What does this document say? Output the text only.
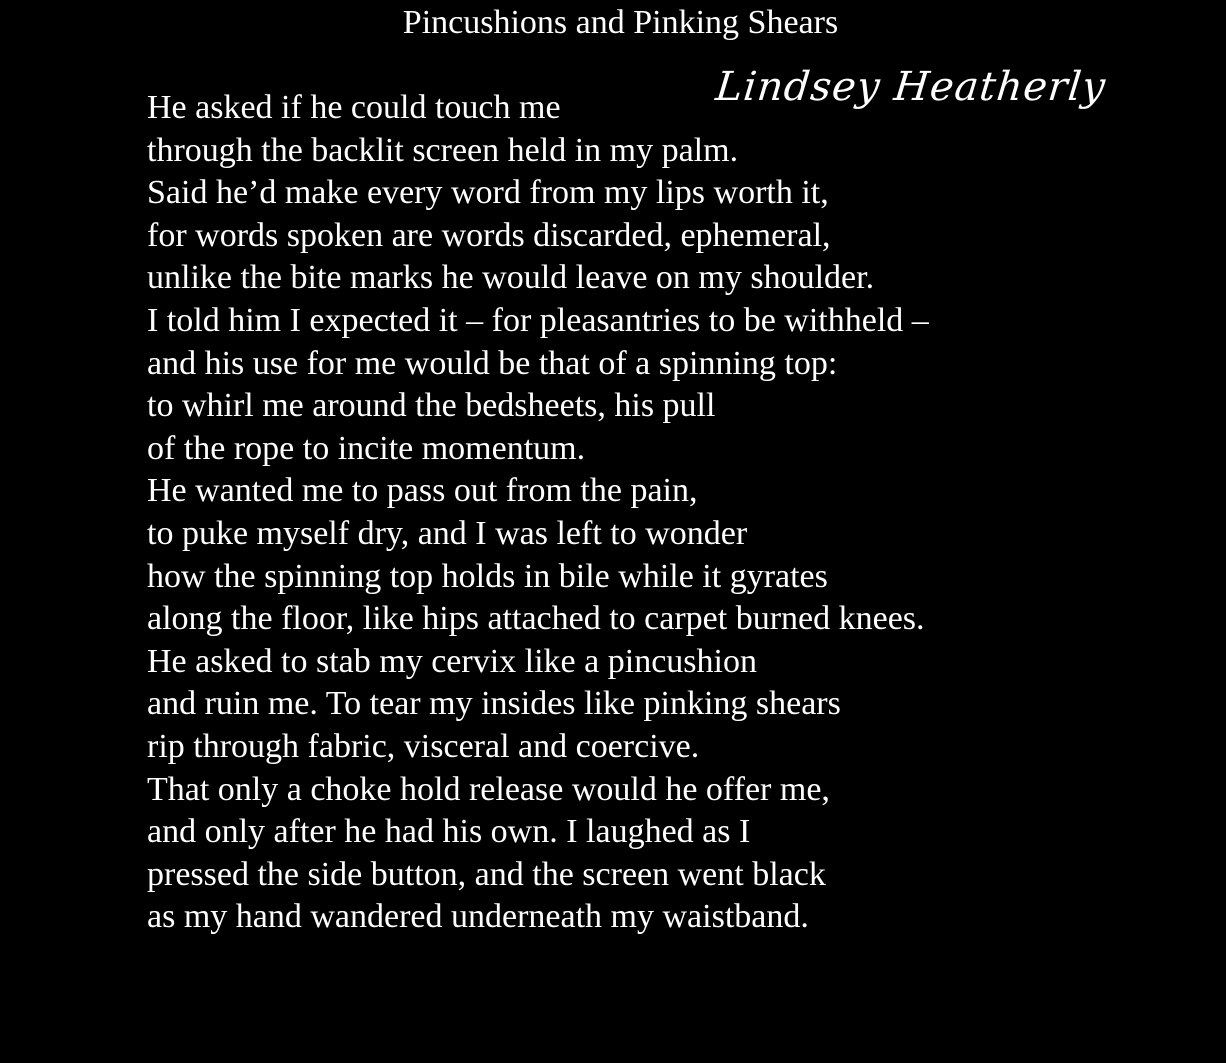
Pincushions and Pinking Shears
Lindsey Heatherly
He asked if he could touch me
through the backlit screen held in my palm.
Said he’d make every word from my lips worth it,
for words spoken are words discarded, ephemeral,
unlike the bite marks he would leave on my shoulder.
I told him I expected it – for pleasantries to be withheld –
and his use for me would be that of a spinning top:
to whirl me around the bedsheets, his pull
of the rope to incite momentum.
He wanted me to pass out from the pain,
to puke myself dry, and I was left to wonder
how the spinning top holds in bile while it gyrates
along the floor, like hips attached to carpet burned knees.
He asked to stab my cervix like a pincushion
and ruin me. To tear my insides like pinking shears
rip through fabric, visceral and coercive.
That only a choke hold release would he offer me,
and only after he had his own. I laughed as I
pressed the side button, and the screen went black
as my hand wandered underneath my waistband.
